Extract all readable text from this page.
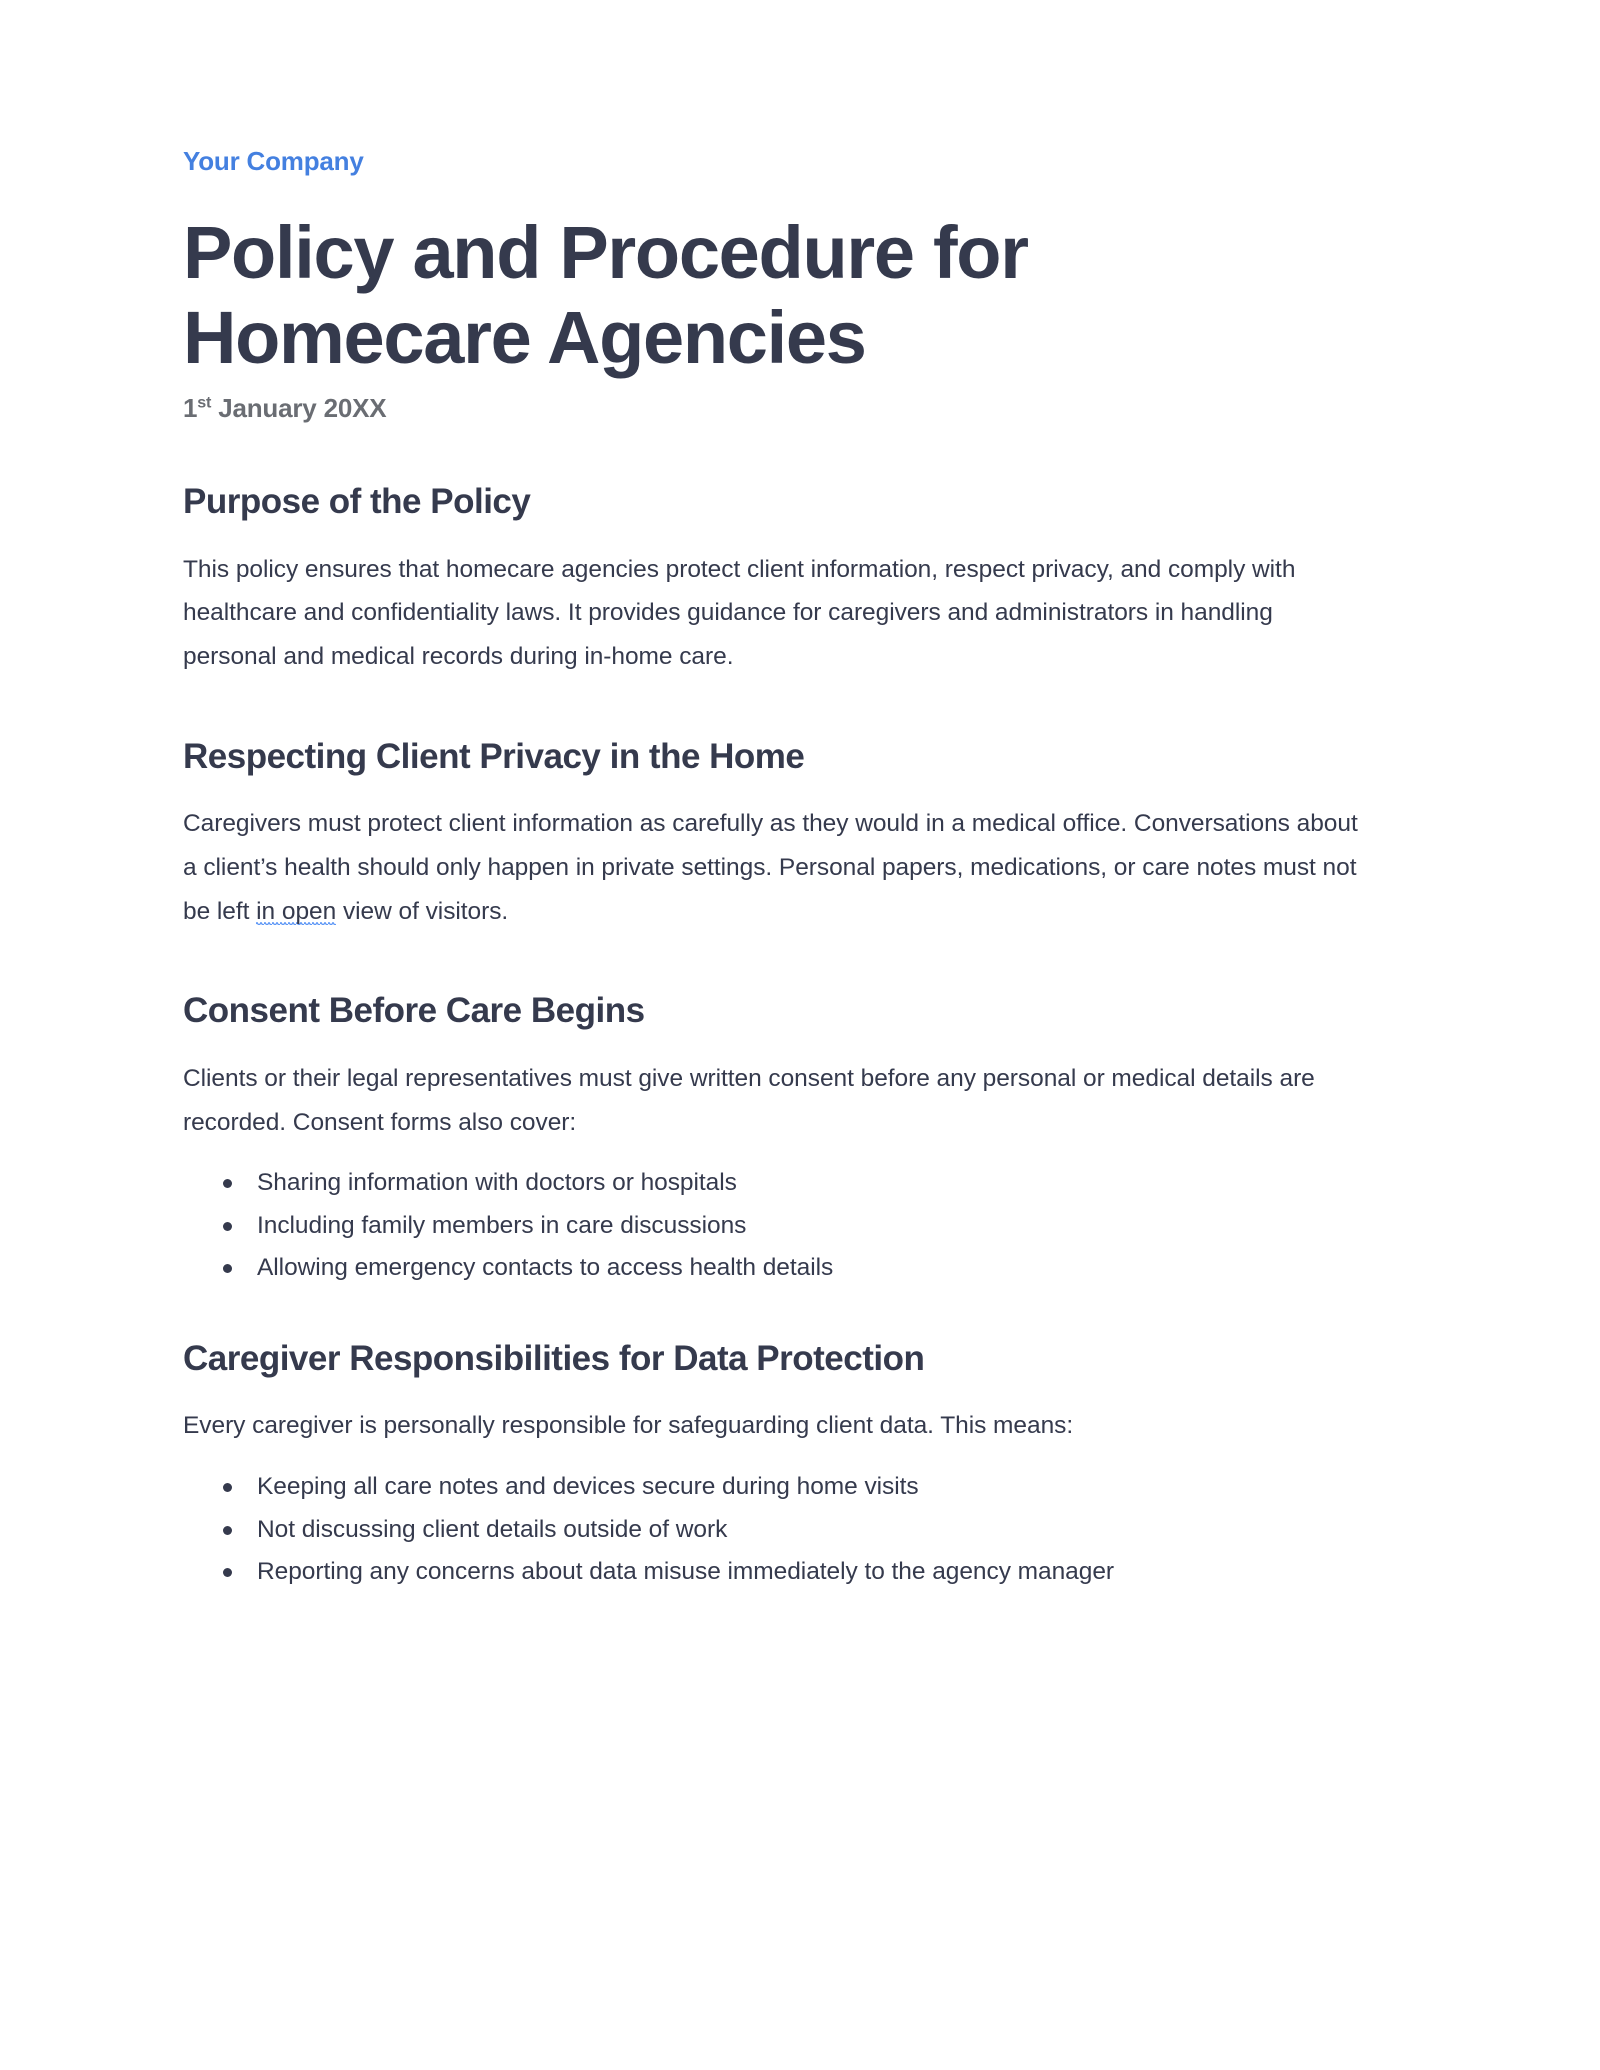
Your Company
Policy and Procedure for Homecare Agencies
1st January 20XX
Purpose of the Policy

This policy ensures that homecare agencies protect client information, respect privacy, and comply with healthcare and confidentiality laws. It provides guidance for caregivers and administrators in handling personal and medical records during in-home care.

Respecting Client Privacy in the Home

Caregivers must protect client information as carefully as they would in a medical office. Conversations about a client’s health should only happen in private settings. Personal papers, medications, or care notes must not be left in open view of visitors.

Consent Before Care Begins

Clients or their legal representatives must give written consent before any personal or medical details are recorded. Consent forms also cover:

Sharing information with doctors or hospitals
Including family members in care discussions
Allowing emergency contacts to access health details
Caregiver Responsibilities for Data Protection

Every caregiver is personally responsible for safeguarding client data. This means:

Keeping all care notes and devices secure during home visits
Not discussing client details outside of work
Reporting any concerns about data misuse immediately to the agency manager
